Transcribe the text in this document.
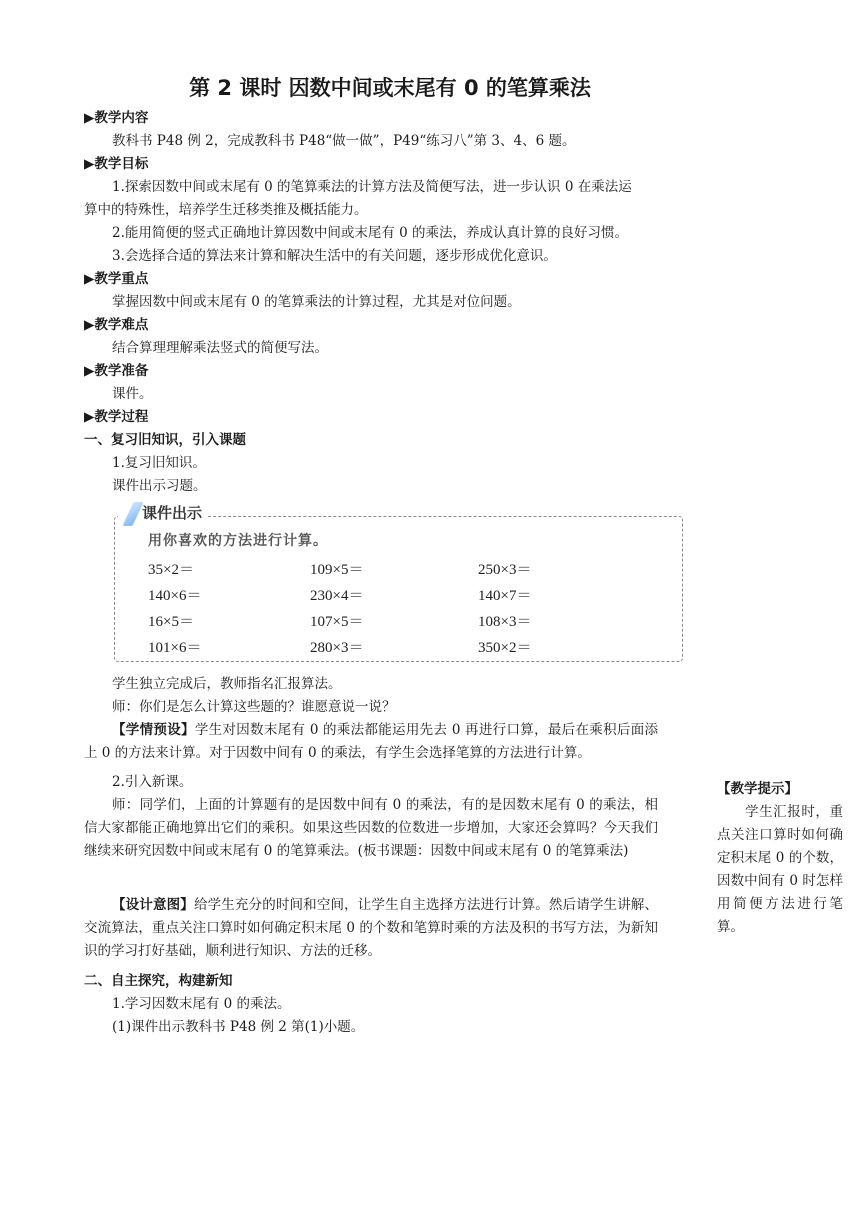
第 2 课时 因数中间或末尾有 0 的笔算乘法
▶教学内容
教科书 P48 例 2，完成教科书 P48“做一做”，P49“练习八”第 3、4、6 题。
▶教学目标
1.探索因数中间或末尾有 0 的笔算乘法的计算方法及简便写法，进一步认识 0 在乘法运
算中的特殊性，培养学生迁移类推及概括能力。
2.能用简便的竖式正确地计算因数中间或末尾有 0 的乘法，养成认真计算的良好习惯。
3.会选择合适的算法来计算和解决生活中的有关问题，逐步形成优化意识。
▶教学重点
掌握因数中间或末尾有 0 的笔算乘法的计算过程，尤其是对位问题。
▶教学难点
结合算理理解乘法竖式的简便写法。
▶教学准备
课件。
▶教学过程
一、复习旧知识，引入课题
1.复习旧知识。
课件出示习题。
课件出示
用你喜欢的方法进行计算。
35×2＝	109×5＝	250×3＝
140×6＝	230×4＝	140×7＝
16×5＝	107×5＝	108×3＝
101×6＝	280×3＝	350×2＝
学生独立完成后，教师指名汇报算法。
师：你们是怎么计算这些题的？谁愿意说一说？
【学情预设】学生对因数末尾有 0 的乘法都能运用先去 0 再进行口算，最后在乘积后面添上 0 的方法来计算。对于因数中间有 0 的乘法，有学生会选择笔算的方法进行计算。
2.引入新课。
师：同学们，上面的计算题有的是因数中间有 0 的乘法，有的是因数末尾有 0 的乘法，相信大家都能正确地算出它们的乘积。如果这些因数的位数进一步增加，大家还会算吗？今天我们继续来研究因数中间或末尾有 0 的笔算乘法。(板书课题：因数中间或末尾有 0 的笔算乘法)
【设计意图】给学生充分的时间和空间，让学生自主选择方法进行计算。然后请学生讲解、交流算法，重点关注口算时如何确定积末尾 0 的个数和笔算时乘的方法及积的书写方法，为新知识的学习打好基础，顺利进行知识、方法的迁移。
二、自主探究，构建新知
1.学习因数末尾有 0 的乘法。
(1)课件出示教科书 P48 例 2 第(1)小题。
【教学提示】
学生汇报时，重点关注口算时如何确定积末尾 0 的个数，因数中间有 0 时怎样用简便方法进行笔算。
